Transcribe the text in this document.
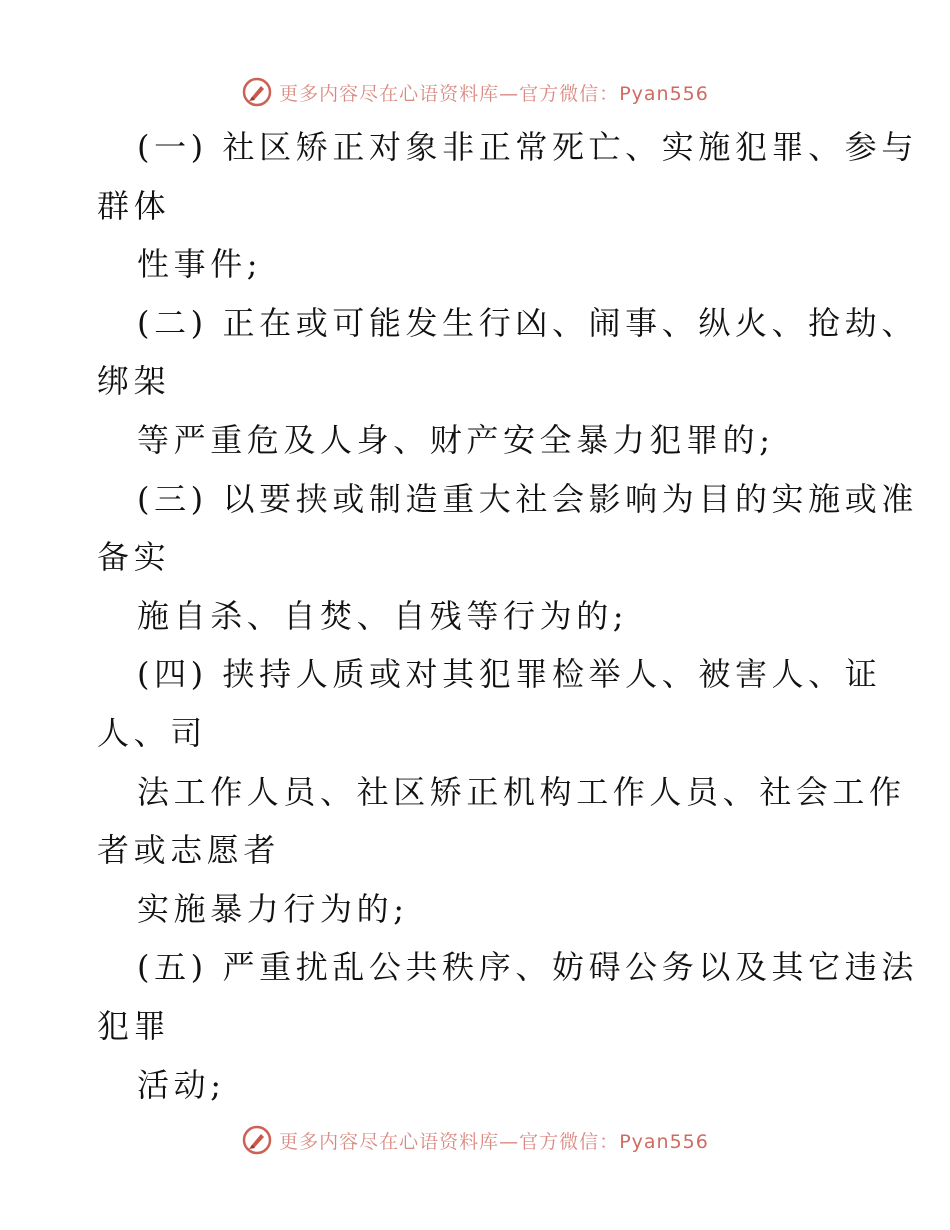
更多内容尽在心语资料库—官方微信：Pyan556
(一) 社区矫正对象非正常死亡、实施犯罪、参与
群体
性事件;
(二) 正在或可能发生行凶、闹事、纵火、抢劫、
绑架
等严重危及人身、财产安全暴力犯罪的;
(三) 以要挟或制造重大社会影响为目的实施或准
备实
施自杀、自焚、自残等行为的;
(四) 挟持人质或对其犯罪检举人、被害人、证
人、司
法工作人员、社区矫正机构工作人员、社会工作
者或志愿者
实施暴力行为的;
(五) 严重扰乱公共秩序、妨碍公务以及其它违法
犯罪
活动;
更多内容尽在心语资料库—官方微信：Pyan556
